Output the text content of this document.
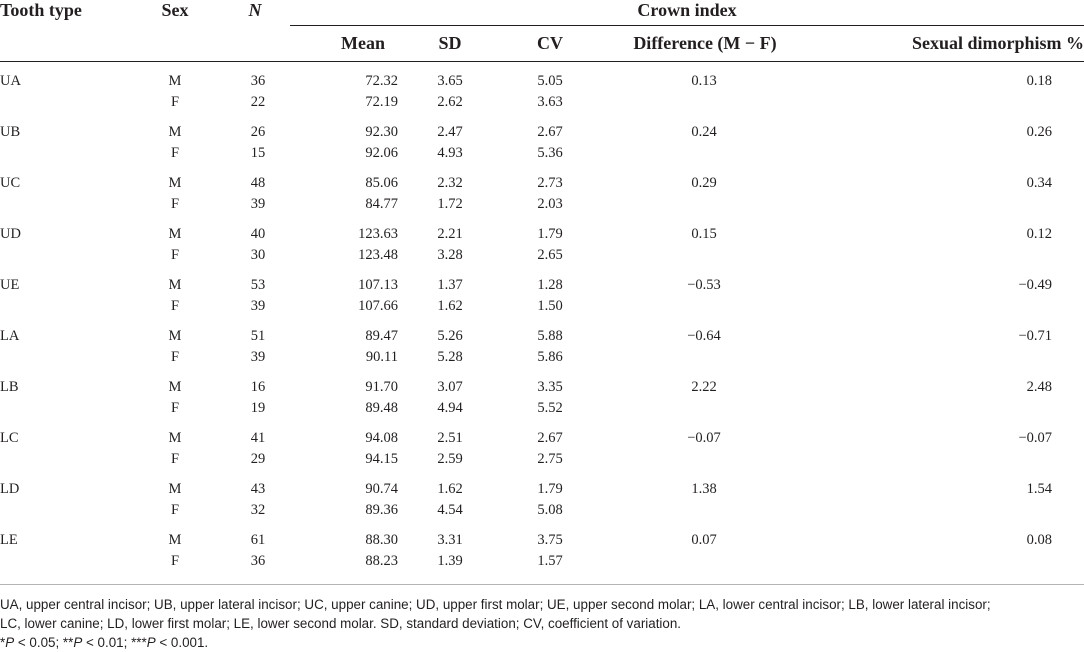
Tooth type	Sex	N	Crown index				
			Mean	SD	CV	Difference (M − F)	Sexual dimorphism %
UA	M	36	72.32	3.65	5.05	0.13	0.18
	F	22	72.19	2.62	3.63		

UB	M	26	92.30	2.47	2.67	0.24	0.26
	F	15	92.06	4.93	5.36		

UC	M	48	85.06	2.32	2.73	0.29	0.34
	F	39	84.77	1.72	2.03		

UD	M	40	123.63	2.21	1.79	0.15	0.12
	F	30	123.48	3.28	2.65		

UE	M	53	107.13	1.37	1.28	−0.53	−0.49
	F	39	107.66	1.62	1.50		

LA	M	51	89.47	5.26	5.88	−0.64	−0.71
	F	39	90.11	5.28	5.86		

LB	M	16	91.70	3.07	3.35	2.22	2.48
	F	19	89.48	4.94	5.52		

LC	M	41	94.08	2.51	2.67	−0.07	−0.07
	F	29	94.15	2.59	2.75		

LD	M	43	90.74	1.62	1.79	1.38	1.54
	F	32	89.36	4.54	5.08		

LE	M	61	88.30	3.31	3.75	0.07	0.08
	F	36	88.23	1.39	1.57		

UA, upper central incisor; UB, upper lateral incisor; UC, upper canine; UD, upper first molar; UE, upper second molar; LA, lower central incisor; LB, lower lateral incisor;

LC, lower canine; LD, lower first molar; LE, lower second molar. SD, standard deviation; CV, coefficient of variation.

*P < 0.05; **P < 0.01; ***P < 0.001.
